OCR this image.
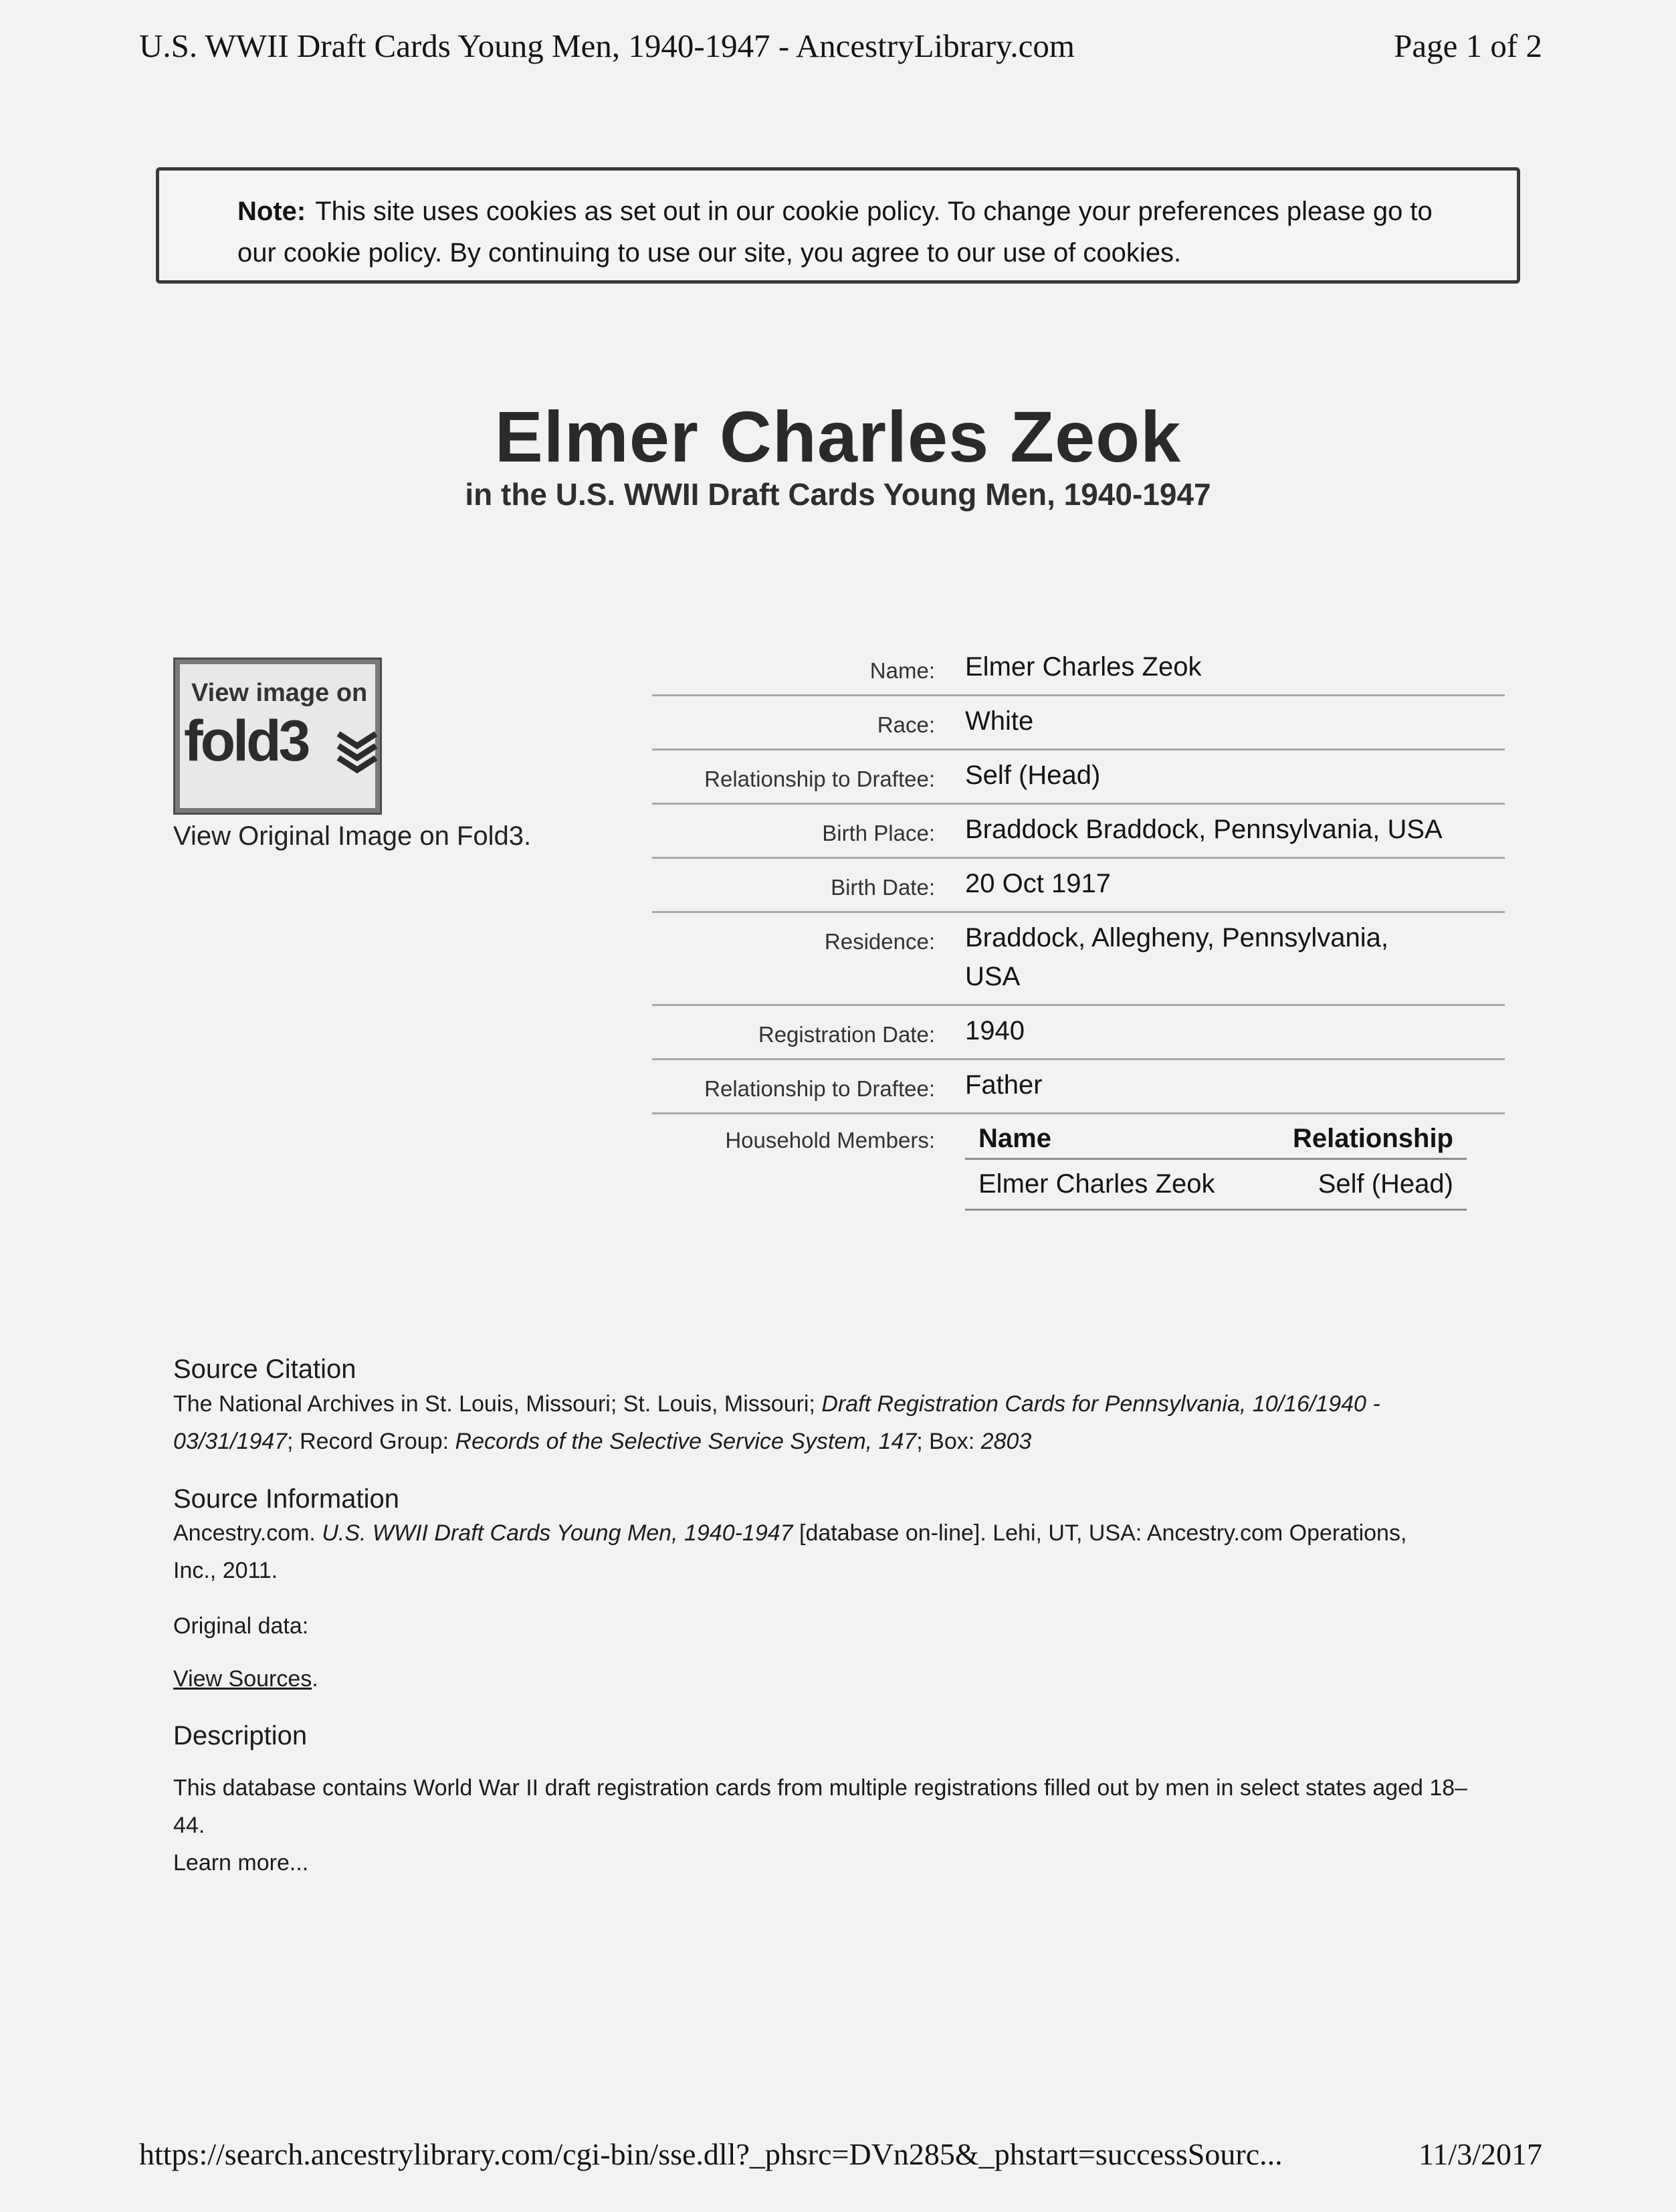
U.S. WWII Draft Cards Young Men, 1940-1947 - AncestryLibrary.com	Page 1 of 2
Note: This site uses cookies as set out in our cookie policy. To change your preferences please go to our cookie policy. By continuing to use our site, you agree to our use of cookies.
Elmer Charles Zeok
in the U.S. WWII Draft Cards Young Men, 1940-1947
View image on
fold3
View Original Image on Fold3.
Name:	Elmer Charles Zeok
Race:	White
Relationship to Draftee:	Self (Head)
Birth Place:	Braddock Braddock, Pennsylvania, USA
Birth Date:	20 Oct 1917
Residence:	Braddock, Allegheny, Pennsylvania, USA
Registration Date:	1940
Relationship to Draftee:	Father
Household Members:	Name	Relationship
Elmer Charles Zeok	Self (Head)
Source Citation
The National Archives in St. Louis, Missouri; St. Louis, Missouri; Draft Registration Cards for Pennsylvania, 10/16/1940 - 03/31/1947; Record Group: Records of the Selective Service System, 147; Box: 2803
Source Information
Ancestry.com. U.S. WWII Draft Cards Young Men, 1940-1947 [database on-line]. Lehi, UT, USA: Ancestry.com Operations, Inc., 2011.
Original data:
View Sources.
Description
This database contains World War II draft registration cards from multiple registrations filled out by men in select states aged 18–44.
Learn more...
https://search.ancestrylibrary.com/cgi-bin/sse.dll?_phsrc=DVn285&_phstart=successSourc...	11/3/2017
